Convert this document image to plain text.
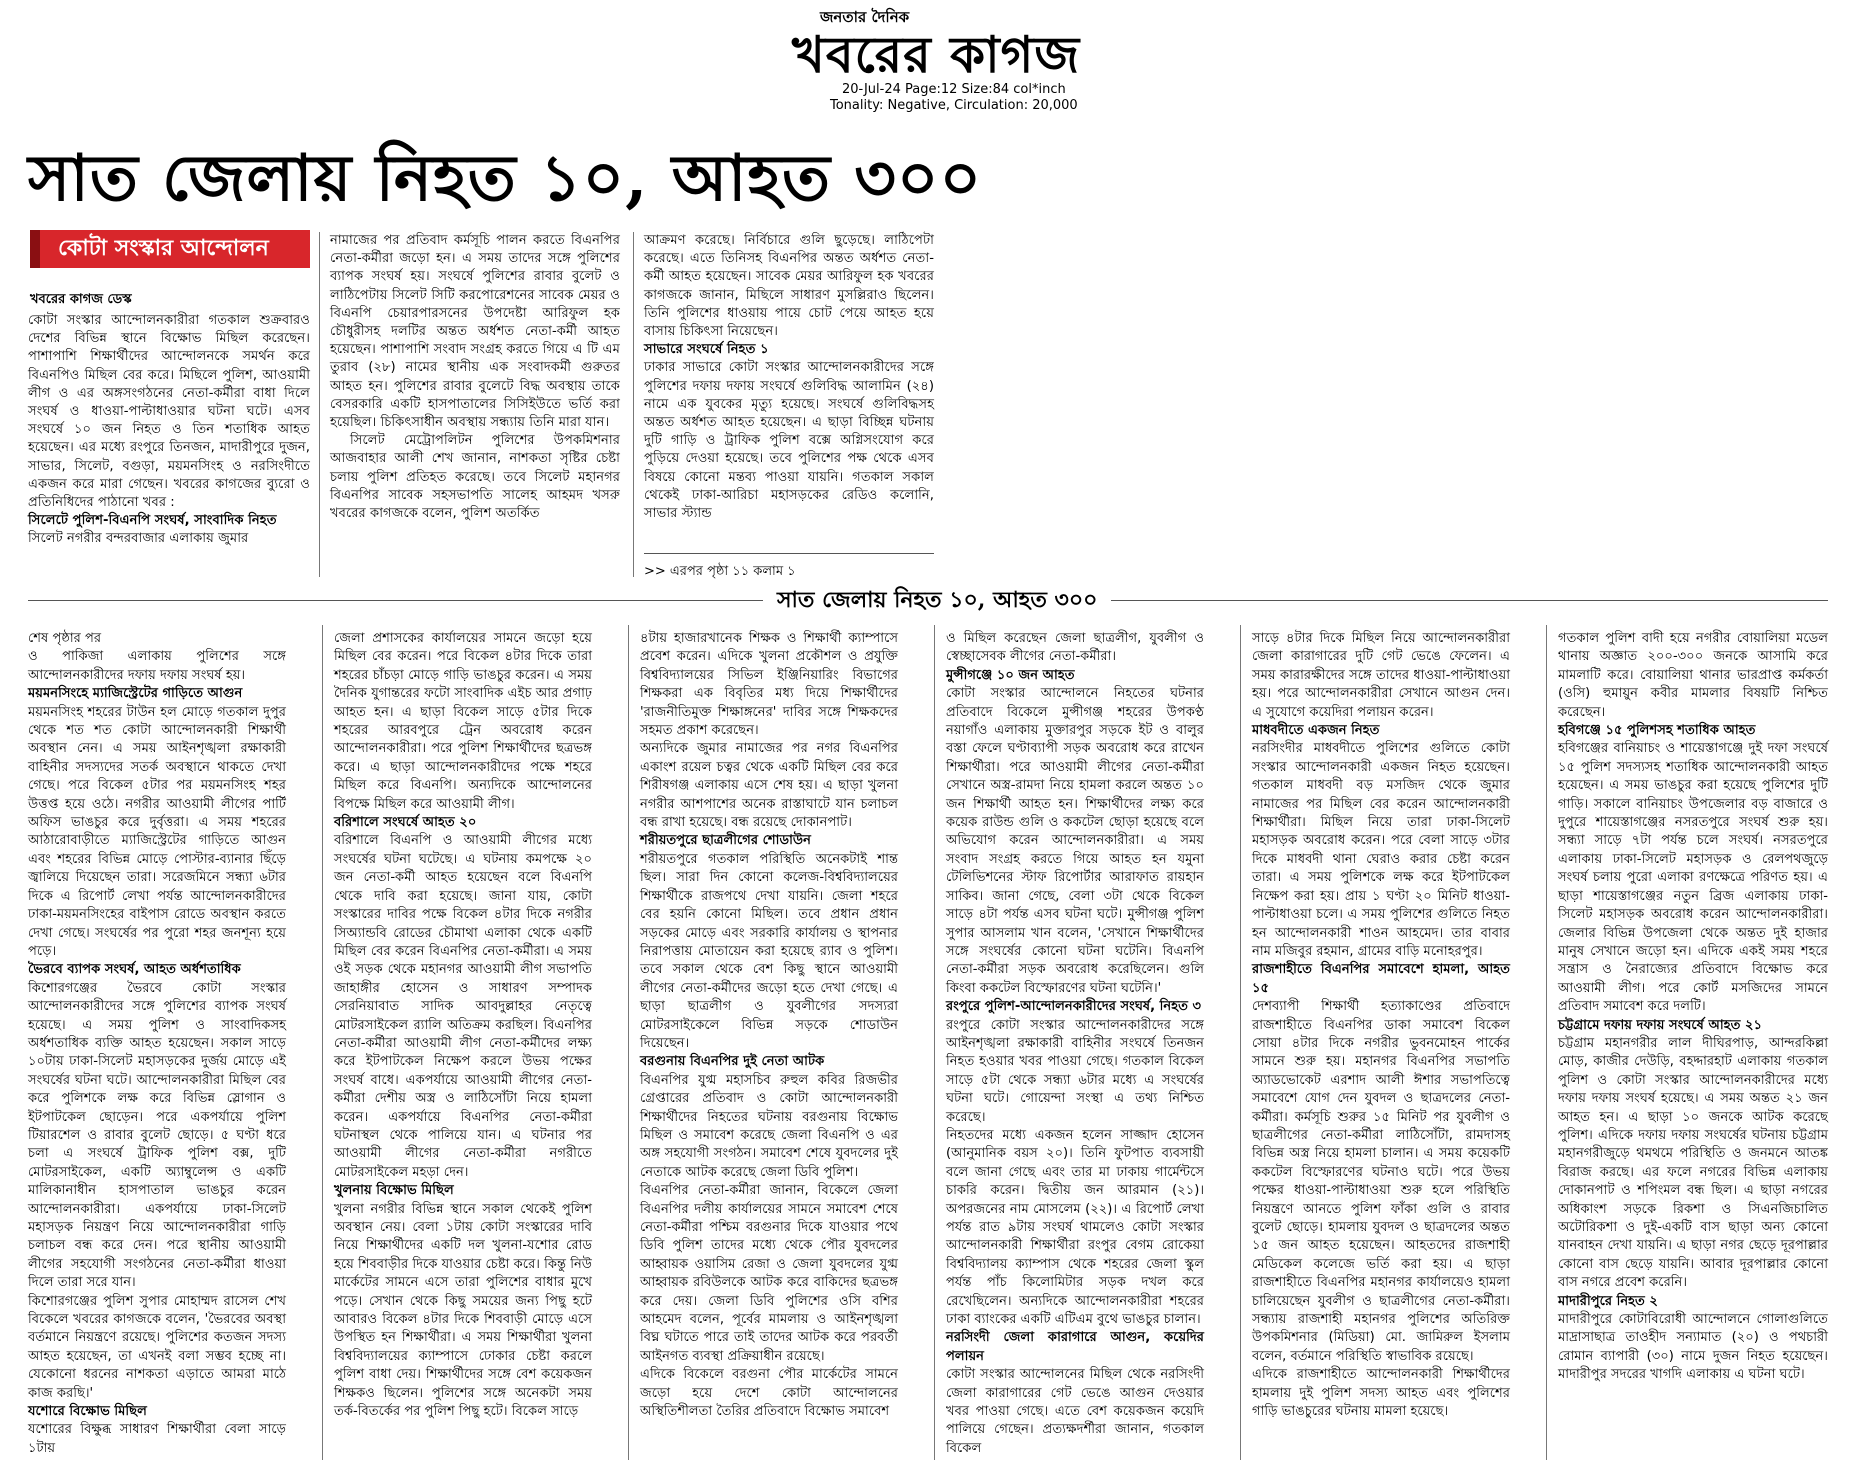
জনতার দৈনিক
খবরের কাগজ
20-Jul-24 Page:12 Size:84 col*inch
Tonality: Negative, Circulation: 20,000
সাত জেলায় নিহত ১০, আহত ৩০০
কোটা সংস্কার আন্দোলন
খবরের কাগজ ডেস্ক

কোটা সংস্কার আন্দোলনকারীরা গতকাল শুক্রবারও দেশের বিভিন্ন স্থানে বিক্ষোভ মিছিল করেছেন। পাশাপাশি শিক্ষার্থীদের আন্দোলনকে সমর্থন করে বিএনপিও মিছিল বের করে। মিছিলে পুলিশ, আওয়ামী লীগ ও এর অঙ্গসংগঠনের নেতা-কর্মীরা বাধা দিলে সংঘর্ষ ও ধাওয়া-পাল্টাধাওয়ার ঘটনা ঘটে। এসব সংঘর্ষে ১০ জন নিহত ও তিন শতাধিক আহত হয়েছেন। এর মধ্যে রংপুরে তিনজন, মাদারীপুরে দুজন, সাভার, সিলেট, বগুড়া, ময়মনসিংহ ও নরসিংদীতে একজন করে মারা গেছেন। খবরের কাগজের ব্যুরো ও প্রতিনিধিদের পাঠানো খবর :

সিলেটে পুলিশ-বিএনপি সংঘর্ষ, সাংবাদিক নিহত

সিলেট নগরীর বন্দরবাজার এলাকায় জুমার

নামাজের পর প্রতিবাদ কর্মসূচি পালন করতে বিএনপির নেতা-কর্মীরা জড়ো হন। এ সময় তাদের সঙ্গে পুলিশের ব্যাপক সংঘর্ষ হয়। সংঘর্ষে পুলিশের রাবার বুলেট ও লাঠিপেটায় সিলেট সিটি করপোরেশনের সাবেক মেয়র ও বিএনপি চেয়ারপারসনের উপদেষ্টা আরিফুল হক চৌধুরীসহ দলটির অন্তত অর্ধশত নেতা-কর্মী আহত হয়েছেন। পাশাপাশি সংবাদ সংগ্রহ করতে গিয়ে এ টি এম তুরাব (২৮) নামের স্থানীয় এক সংবাদকর্মী গুরুতর আহত হন। পুলিশের রাবার বুলেটে বিদ্ধ অবস্থায় তাকে বেসরকারি একটি হাসপাতালের সিসিইউতে ভর্তি করা হয়েছিল। চিকিৎসাধীন অবস্থায় সন্ধ্যায় তিনি মারা যান।

সিলেট মেট্রোপলিটন পুলিশের উপকমিশনার আজবাহার আলী শেখ জানান, নাশকতা সৃষ্টির চেষ্টা চলায় পুলিশ প্রতিহত করেছে। তবে সিলেট মহানগর বিএনপির সাবেক সহসভাপতি সালেহ আহমদ খসরু খবরের কাগজকে বলেন, পুলিশ অতর্কিত

আক্রমণ করেছে। নির্বিচারে গুলি ছুড়েছে। লাঠিপেটা করেছে। এতে তিনিসহ বিএনপির অন্তত অর্ধশত নেতা-কর্মী আহত হয়েছেন। সাবেক মেয়র আরিফুল হক খবরের কাগজকে জানান, মিছিলে সাধারণ মুসল্লিরাও ছিলেন। তিনি পুলিশের ধাওয়ায় পায়ে চোট পেয়ে আহত হয়ে বাসায় চিকিৎসা নিয়েছেন।

সাভারে সংঘর্ষে নিহত ১

ঢাকার সাভারে কোটা সংস্কার আন্দোলনকারীদের সঙ্গে পুলিশের দফায় দফায় সংঘর্ষে গুলিবিদ্ধ আলামিন (২৪) নামে এক যুবকের মৃত্যু হয়েছে। সংঘর্ষে গুলিবিদ্ধসহ অন্তত অর্ধশত আহত হয়েছেন। এ ছাড়া বিচ্ছিন্ন ঘটনায় দুটি গাড়ি ও ট্রাফিক পুলিশ বক্সে অগ্নিসংযোগ করে পুড়িয়ে দেওয়া হয়েছে। তবে পুলিশের পক্ষ থেকে এসব বিষয়ে কোনো মন্তব্য পাওয়া যায়নি। গতকাল সকাল থেকেই ঢাকা-আরিচা মহাসড়কের রেডিও কলোনি, সাভার স্ট্যান্ড

>> এরপর পৃষ্ঠা ১১ কলাম ১
সাত জেলায় নিহত ১০, আহত ৩০০

শেষ পৃষ্ঠার পর

ও পাকিজা এলাকায় পুলিশের সঙ্গে আন্দোলনকারীদের দফায় দফায় সংঘর্ষ হয়।

ময়মনসিংহে ম্যাজিস্ট্রেটের গাড়িতে আগুন

ময়মনসিংহ শহরের টাউন হল মোড়ে গতকাল দুপুর থেকে শত শত কোটা আন্দোলনকারী শিক্ষার্থী অবস্থান নেন। এ সময় আইনশৃঙ্খলা রক্ষাকারী বাহিনীর সদস্যদের সতর্ক অবস্থানে থাকতে দেখা গেছে। পরে বিকেল ৫টার পর ময়মনসিংহ শহর উত্তপ্ত হয়ে ওঠে। নগরীর আওয়ামী লীগের পার্টি অফিস ভাঙচুর করে দুর্বৃত্তরা। এ সময় শহরের আঠারোবাড়ীতে ম্যাজিস্ট্রেটের গাড়িতে আগুন এবং শহরের বিভিন্ন মোড়ে পোস্টার-ব্যানার ছিঁড়ে জ্বালিয়ে দিয়েছেন তারা। সরেজমিনে সন্ধ্যা ৬টার দিকে এ রিপোর্ট লেখা পর্যন্ত আন্দোলনকারীদের ঢাকা-ময়মনসিংহের বাইপাস রোডে অবস্থান করতে দেখা গেছে। সংঘর্ষের পর পুরো শহর জনশূন্য হয়ে পড়ে।

ভৈরবে ব্যাপক সংঘর্ষ, আহত অর্ধশতাধিক

কিশোরগঞ্জের ভৈরবে কোটা সংস্কার আন্দোলনকারীদের সঙ্গে পুলিশের ব্যাপক সংঘর্ষ হয়েছে। এ সময় পুলিশ ও সাংবাদিকসহ অর্ধশতাধিক ব্যক্তি আহত হয়েছেন। সকাল সাড়ে ১০টায় ঢাকা-সিলেট মহাসড়কের দুর্জয় মোড়ে এই সংঘর্ষের ঘটনা ঘটে। আন্দোলনকারীরা মিছিল বের করে পুলিশকে লক্ষ করে বিভিন্ন স্লোগান ও ইটপাটকেল ছোড়েন। পরে একপর্যায়ে পুলিশ টিয়ারশেল ও রাবার বুলেট ছোড়ে। ৫ ঘণ্টা ধরে চলা এ সংঘর্ষে ট্রাফিক পুলিশ বক্স, দুটি মোটরসাইকেল, একটি অ্যাম্বুলেন্স ও একটি মালিকানাধীন হাসপাতাল ভাঙচুর করেন আন্দোলনকারীরা। একপর্যায়ে ঢাকা-সিলেট মহাসড়ক নিয়ন্ত্রণ নিয়ে আন্দোলনকারীরা গাড়ি চলাচল বন্ধ করে দেন। পরে স্থানীয় আওয়ামী লীগের সহযোগী সংগঠনের নেতা-কর্মীরা ধাওয়া দিলে তারা সরে যান।

কিশোরগঞ্জের পুলিশ সুপার মোহাম্মদ রাসেল শেখ বিকেলে খবরের কাগজকে বলেন, 'ভৈরবের অবস্থা বর্তমানে নিয়ন্ত্রণে রয়েছে। পুলিশের কতজন সদস্য আহত হয়েছেন, তা এখনই বলা সম্ভব হচ্ছে না। যেকোনো ধরনের নাশকতা এড়াতে আমরা মাঠে কাজ করছি।'

যশোরে বিক্ষোভ মিছিল

যশোরের বিক্ষুব্ধ সাধারণ শিক্ষার্থীরা বেলা সাড়ে ১টায়

জেলা প্রশাসকের কার্যালয়ের সামনে জড়ো হয়ে মিছিল বের করেন। পরে বিকেল ৪টার দিকে তারা শহরের চাঁচড়া মোড়ে গাড়ি ভাঙচুর করেন। এ সময় দৈনিক যুগান্তরের ফটো সাংবাদিক এইচ আর প্রগাঢ় আহত হন। এ ছাড়া বিকেল সাড়ে ৫টার দিকে শহরের আরবপুরে ট্রেন অবরোধ করেন আন্দোলনকারীরা। পরে পুলিশ শিক্ষার্থীদের ছত্রভঙ্গ করে। এ ছাড়া আন্দোলনকারীদের পক্ষে শহরে মিছিল করে বিএনপি। অন্যদিকে আন্দোলনের বিপক্ষে মিছিল করে আওয়ামী লীগ।

বরিশালে সংঘর্ষে আহত ২০

বরিশালে বিএনপি ও আওয়ামী লীগের মধ্যে সংঘর্ষের ঘটনা ঘটেছে। এ ঘটনায় কমপক্ষে ২০ জন নেতা-কর্মী আহত হয়েছেন বলে বিএনপি থেকে দাবি করা হয়েছে। জানা যায়, কোটা সংস্কারের দাবির পক্ষে বিকেল ৪টার দিকে নগরীর সিঅ্যান্ডবি রোডের চৌমাথা এলাকা থেকে একটি মিছিল বের করেন বিএনপির নেতা-কর্মীরা। এ সময় ওই সড়ক থেকে মহানগর আওয়ামী লীগ সভাপতি জাহাঙ্গীর হোসেন ও সাধারণ সম্পাদক সেরনিয়াবাত সাদিক আবদুল্লাহর নেতৃত্বে মোটরসাইকেল র‍্যালি অতিক্রম করছিল। বিএনপির নেতা-কর্মীরা আওয়ামী লীগ নেতা-কর্মীদের লক্ষ্য করে ইটপাটকেল নিক্ষেপ করলে উভয় পক্ষের সংঘর্ষ বাধে। একপর্যায়ে আওয়ামী লীগের নেতা-কর্মীরা দেশীয় অস্ত্র ও লাঠিসোঁটা নিয়ে হামলা করেন। একপর্যায়ে বিএনপির নেতা-কর্মীরা ঘটনাস্থল থেকে পালিয়ে যান। এ ঘটনার পর আওয়ামী লীগের নেতা-কর্মীরা নগরীতে মোটরসাইকেল মহড়া দেন।

খুলনায় বিক্ষোভ মিছিল

খুলনা নগরীর বিভিন্ন স্থানে সকাল থেকেই পুলিশ অবস্থান নেয়। বেলা ১টায় কোটা সংস্কারের দাবি নিয়ে শিক্ষার্থীদের একটি দল খুলনা-যশোর রোড হয়ে শিববাড়ীর দিকে যাওয়ার চেষ্টা করে। কিন্তু নিউ মার্কেটের সামনে এসে তারা পুলিশের বাধার মুখে পড়ে। সেখান থেকে কিছু সময়ের জন্য পিছু হটে আবারও বিকেল ৪টার দিকে শিববাড়ী মোড়ে এসে উপস্থিত হন শিক্ষার্থীরা। এ সময় শিক্ষার্থীরা খুলনা বিশ্ববিদ্যালয়ের ক্যাম্পাসে ঢোকার চেষ্টা করলে পুলিশ বাধা দেয়। শিক্ষার্থীদের সঙ্গে বেশ কয়েকজন শিক্ষকও ছিলেন। পুলিশের সঙ্গে অনেকটা সময় তর্ক-বিতর্কের পর পুলিশ পিছু হটে। বিকেল সাড়ে

৪টায় হাজারখানেক শিক্ষক ও শিক্ষার্থী ক্যাম্পাসে প্রবেশ করেন। এদিকে খুলনা প্রকৌশল ও প্রযুক্তি বিশ্ববিদ্যালয়ের সিভিল ইঞ্জিনিয়ারিং বিভাগের শিক্ষকরা এক বিবৃতির মধ্য দিয়ে শিক্ষার্থীদের 'রাজনীতিমুক্ত শিক্ষাঙ্গনের' দাবির সঙ্গে শিক্ষকদের সহমত প্রকাশ করেছেন।

অন্যদিকে জুমার নামাজের পর নগর বিএনপির একাংশ রয়েল চত্বর থেকে একটি মিছিল বের করে শিরীষগঞ্জ এলাকায় এসে শেষ হয়। এ ছাড়া খুলনা নগরীর আশপাশের অনেক রাস্তাঘাটে যান চলাচল বন্ধ রাখা হয়েছে। বন্ধ রয়েছে দোকানপাট।

শরীয়তপুরে ছাত্রলীগের শোডাউন

শরীয়তপুরে গতকাল পরিস্থিতি অনেকটাই শান্ত ছিল। সারা দিন কোনো কলেজ-বিশ্ববিদ্যালয়ের শিক্ষার্থীকে রাজপথে দেখা যায়নি। জেলা শহরে বের হয়নি কোনো মিছিল। তবে প্রধান প্রধান সড়কের মোড়ে এবং সরকারি কার্যালয় ও স্থাপনার নিরাপত্তায় মোতায়েন করা হয়েছে র‍্যাব ও পুলিশ। তবে সকাল থেকে বেশ কিছু স্থানে আওয়ামী লীগের নেতা-কর্মীদের জড়ো হতে দেখা গেছে। এ ছাড়া ছাত্রলীগ ও যুবলীগের সদস্যরা মোটরসাইকেলে বিভিন্ন সড়কে শোডাউন দিয়েছেন।

বরগুনায় বিএনপির দুই নেতা আটক

বিএনপির যুগ্ম মহাসচিব রুহুল কবির রিজভীর গ্রেপ্তারের প্রতিবাদ ও কোটা আন্দোলনকারী শিক্ষার্থীদের নিহতের ঘটনায় বরগুনায় বিক্ষোভ মিছিল ও সমাবেশ করেছে জেলা বিএনপি ও এর অঙ্গ সহযোগী সংগঠন। সমাবেশ শেষে যুবদলের দুই নেতাকে আটক করেছে জেলা ডিবি পুলিশ।

বিএনপির নেতা-কর্মীরা জানান, বিকেলে জেলা বিএনপির দলীয় কার্যালয়ের সামনে সমাবেশ শেষে নেতা-কর্মীরা পশ্চিম বরগুনার দিকে যাওয়ার পথে ডিবি পুলিশ তাদের মধ্যে থেকে পৌর যুবদলের আহ্বায়ক ওয়াসিম রেজা ও জেলা যুবদলের যুগ্ম আহ্বায়ক রবিউলকে আটক করে বাকিদের ছত্রভঙ্গ করে দেয়। জেলা ডিবি পুলিশের ওসি বশির আহমেদ বলেন, পূর্বের মামলায় ও আইনশৃঙ্খলা বিঘ্ন ঘটাতে পারে তাই তাদের আটক করে পরবর্তী আইনগত ব্যবস্থা প্রক্রিয়াধীন রয়েছে।

এদিকে বিকেলে বরগুনা পৌর মার্কেটের সামনে জড়ো হয়ে দেশে কোটা আন্দোলনের অস্থিতিশীলতা তৈরির প্রতিবাদে বিক্ষোভ সমাবেশ

ও মিছিল করেছেন জেলা ছাত্রলীগ, যুবলীগ ও স্বেচ্ছাসেবক লীগের নেতা-কর্মীরা।

মুন্সীগঞ্জে ১০ জন আহত

কোটা সংস্কার আন্দোলনে নিহতের ঘটনার প্রতিবাদে বিকেলে মুন্সীগঞ্জ শহরের উপকণ্ঠ নয়াগাঁও এলাকায় মুক্তারপুর সড়কে ইট ও বালুর বস্তা ফেলে ঘণ্টাব্যাপী সড়ক অবরোধ করে রাখেন শিক্ষার্থীরা। পরে আওয়ামী লীগের নেতা-কর্মীরা সেখানে অস্ত্র-রামদা নিয়ে হামলা করলে অন্তত ১০ জন শিক্ষার্থী আহত হন। শিক্ষার্থীদের লক্ষ্য করে কয়েক রাউন্ড গুলি ও ককটেল ছোড়া হয়েছে বলে অভিযোগ করেন আন্দোলনকারীরা। এ সময় সংবাদ সংগ্রহ করতে গিয়ে আহত হন যমুনা টেলিভিশনের স্টাফ রিপোর্টার আরাফাত রায়হান সাকিব। জানা গেছে, বেলা ৩টা থেকে বিকেল সাড়ে ৪টা পর্যন্ত এসব ঘটনা ঘটে। মুন্সীগঞ্জ পুলিশ সুপার আসলাম খান বলেন, 'সেখানে শিক্ষার্থীদের সঙ্গে সংঘর্ষের কোনো ঘটনা ঘটেনি। বিএনপি নেতা-কর্মীরা সড়ক অবরোধ করেছিলেন। গুলি কিংবা ককটেল বিস্ফোরণের ঘটনা ঘটেনি।'

রংপুরে পুলিশ-আন্দোলনকারীদের সংঘর্ষ, নিহত ৩

রংপুরে কোটা সংস্কার আন্দোলনকারীদের সঙ্গে আইনশৃঙ্খলা রক্ষাকারী বাহিনীর সংঘর্ষে তিনজন নিহত হওয়ার খবর পাওয়া গেছে। গতকাল বিকেল সাড়ে ৫টা থেকে সন্ধ্যা ৬টার মধ্যে এ সংঘর্ষের ঘটনা ঘটে। গোয়েন্দা সংস্থা এ তথ্য নিশ্চিত করেছে।

নিহতদের মধ্যে একজন হলেন সাজ্জাদ হোসেন (আনুমানিক বয়স ২০)। তিনি ফুটপাত ব্যবসায়ী বলে জানা গেছে এবং তার মা ঢাকায় গার্মেন্টসে চাকরি করেন। দ্বিতীয় জন আরমান (২১)। অপরজনের নাম মোসলেম (২২)। এ রিপোর্ট লেখা পর্যন্ত রাত ৯টায় সংঘর্ষ থামলেও কোটা সংস্কার আন্দোলনকারী শিক্ষার্থীরা রংপুর বেগম রোকেয়া বিশ্ববিদ্যালয় ক্যাম্পাস থেকে শহরের জেলা স্কুল পর্যন্ত পাঁচ কিলোমিটার সড়ক দখল করে রেখেছিলেন। অন্যদিকে আন্দোলনকারীরা শহরের ঢাকা ব্যাংকের একটি এটিএম বুথে ভাঙচুর চালান।

নরসিংদী জেলা কারাগারে আগুন, কয়েদির পলায়ন

কোটা সংস্কার আন্দোলনের মিছিল থেকে নরসিংদী জেলা কারাগারের গেট ভেঙে আগুন দেওয়ার খবর পাওয়া গেছে। এতে বেশ কয়েকজন কয়েদি পালিয়ে গেছেন। প্রত্যক্ষদর্শীরা জানান, গতকাল বিকেল

সাড়ে ৪টার দিকে মিছিল নিয়ে আন্দোলনকারীরা জেলা কারাগারের দুটি গেট ভেঙে ফেলেন। এ সময় কারারক্ষীদের সঙ্গে তাদের ধাওয়া-পাল্টাধাওয়া হয়। পরে আন্দোলনকারীরা সেখানে আগুন দেন। এ সুযোগে কয়েদিরা পলায়ন করেন।

মাধবদীতে একজন নিহত

নরসিংদীর মাধবদীতে পুলিশের গুলিতে কোটা সংস্কার আন্দোলনকারী একজন নিহত হয়েছেন। গতকাল মাধবদী বড় মসজিদ থেকে জুমার নামাজের পর মিছিল বের করেন আন্দোলনকারী শিক্ষার্থীরা। মিছিল নিয়ে তারা ঢাকা-সিলেট মহাসড়ক অবরোধ করেন। পরে বেলা সাড়ে ৩টার দিকে মাধবদী থানা ঘেরাও করার চেষ্টা করেন তারা। এ সময় পুলিশকে লক্ষ করে ইটপাটকেল নিক্ষেপ করা হয়। প্রায় ১ ঘণ্টা ২০ মিনিট ধাওয়া-পাল্টাধাওয়া চলে। এ সময় পুলিশের গুলিতে নিহত হন আন্দোলনকারী শাওন আহমেদ। তার বাবার নাম মজিবুর রহমান, গ্রামের বাড়ি মনোহরপুর।

রাজশাহীতে বিএনপির সমাবেশে হামলা, আহত ১৫

দেশব্যাপী শিক্ষার্থী হত্যাকাণ্ডের প্রতিবাদে রাজশাহীতে বিএনপির ডাকা সমাবেশ বিকেল সোয়া ৪টার দিকে নগরীর ভুবনমোহন পার্কের সামনে শুরু হয়। মহানগর বিএনপির সভাপতি অ্যাডভোকেট এরশাদ আলী ঈশার সভাপতিত্বে সমাবেশে যোগ দেন যুবদল ও ছাত্রদলের নেতা-কর্মীরা। কর্মসূচি শুরুর ১৫ মিনিট পর যুবলীগ ও ছাত্রলীগের নেতা-কর্মীরা লাঠিসোঁটা, রামদাসহ বিভিন্ন অস্ত্র নিয়ে হামলা চালান। এ সময় কয়েকটি ককটেল বিস্ফোরণের ঘটনাও ঘটে। পরে উভয় পক্ষের ধাওয়া-পাল্টাধাওয়া শুরু হলে পরিস্থিতি নিয়ন্ত্রণে আনতে পুলিশ ফাঁকা গুলি ও রাবার বুলেট ছোড়ে। হামলায় যুবদল ও ছাত্রদলের অন্তত ১৫ জন আহত হয়েছেন। আহতদের রাজশাহী মেডিকেল কলেজে ভর্তি করা হয়। এ ছাড়া রাজশাহীতে বিএনপির মহানগর কার্যালয়েও হামলা চালিয়েছেন যুবলীগ ও ছাত্রলীগের নেতা-কর্মীরা। সন্ধ্যায় রাজশাহী মহানগর পুলিশের অতিরিক্ত উপকমিশনার (মিডিয়া) মো. জামিরুল ইসলাম বলেন, বর্তমানে পরিস্থিতি স্বাভাবিক রয়েছে।

এদিকে রাজশাহীতে আন্দোলনকারী শিক্ষার্থীদের হামলায় দুই পুলিশ সদস্য আহত এবং পুলিশের গাড়ি ভাঙচুরের ঘটনায় মামলা হয়েছে।

গতকাল পুলিশ বাদী হয়ে নগরীর বোয়ালিয়া মডেল থানায় অজ্ঞাত ২০০-৩০০ জনকে আসামি করে মামলাটি করে। বোয়ালিয়া থানার ভারপ্রাপ্ত কর্মকর্তা (ওসি) হুমায়ুন কবীর মামলার বিষয়টি নিশ্চিত করেছেন।

হবিগঞ্জে ১৫ পুলিশসহ শতাধিক আহত

হবিগঞ্জের বানিয়াচং ও শায়েস্তাগঞ্জে দুই দফা সংঘর্ষে ১৫ পুলিশ সদস্যসহ শতাধিক আন্দোলনকারী আহত হয়েছেন। এ সময় ভাঙচুর করা হয়েছে পুলিশের দুটি গাড়ি। সকালে বানিয়াচং উপজেলার বড় বাজারে ও দুপুরে শায়েস্তাগঞ্জের নসরতপুরে সংঘর্ষ শুরু হয়। সন্ধ্যা সাড়ে ৭টা পর্যন্ত চলে সংঘর্ষ। নসরতপুরে এলাকায় ঢাকা-সিলেট মহাসড়ক ও রেলপথজুড়ে সংঘর্ষ চলায় পুরো এলাকা রণক্ষেত্রে পরিণত হয়। এ ছাড়া শায়েস্তাগঞ্জের নতুন ব্রিজ এলাকায় ঢাকা-সিলেট মহাসড়ক অবরোধ করেন আন্দোলনকারীরা। জেলার বিভিন্ন উপজেলা থেকে অন্তত দুই হাজার মানুষ সেখানে জড়ো হন। এদিকে একই সময় শহরে সন্ত্রাস ও নৈরাজ্যের প্রতিবাদে বিক্ষোভ করে আওয়ামী লীগ। পরে কোর্ট মসজিদের সামনে প্রতিবাদ সমাবেশ করে দলটি।

চট্টগ্রামে দফায় দফায় সংঘর্ষে আহত ২১

চট্টগ্রাম মহানগরীর লাল দীঘিরপাড়, আন্দরকিল্লা মোড়, কাজীর দেউড়ি, বহদ্দারহাট এলাকায় গতকাল পুলিশ ও কোটা সংস্কার আন্দোলনকারীদের মধ্যে দফায় দফায় সংঘর্ষ হয়েছে। এ সময় অন্তত ২১ জন আহত হন। এ ছাড়া ১০ জনকে আটক করেছে পুলিশ। এদিকে দফায় দফায় সংঘর্ষের ঘটনায় চট্টগ্রাম মহানগরীজুড়ে থমথমে পরিস্থিতি ও জনমনে আতঙ্ক বিরাজ করছে। এর ফলে নগরের বিভিন্ন এলাকায় দোকানপাট ও শপিংমল বন্ধ ছিল। এ ছাড়া নগরের অধিকাংশ সড়কে রিকশা ও সিএনজিচালিত অটোরিকশা ও দুই-একটি বাস ছাড়া অন্য কোনো যানবাহন দেখা যায়নি। এ ছাড়া নগর ছেড়ে দূরপাল্লার কোনো বাস ছেড়ে যায়নি। আবার দূরপাল্লার কোনো বাস নগরে প্রবেশ করেনি।

মাদারীপুরে নিহত ২

মাদারীপুরে কোটাবিরোধী আন্দোলনে গোলাগুলিতে মাদ্রাসাছাত্র তাওহীদ সন্যামাত (২০) ও পথচারী রোমান ব্যাপারী (৩০) নামে দুজন নিহত হয়েছেন। মাদারীপুর সদরের খাগদি এলাকায় এ ঘটনা ঘটে।
